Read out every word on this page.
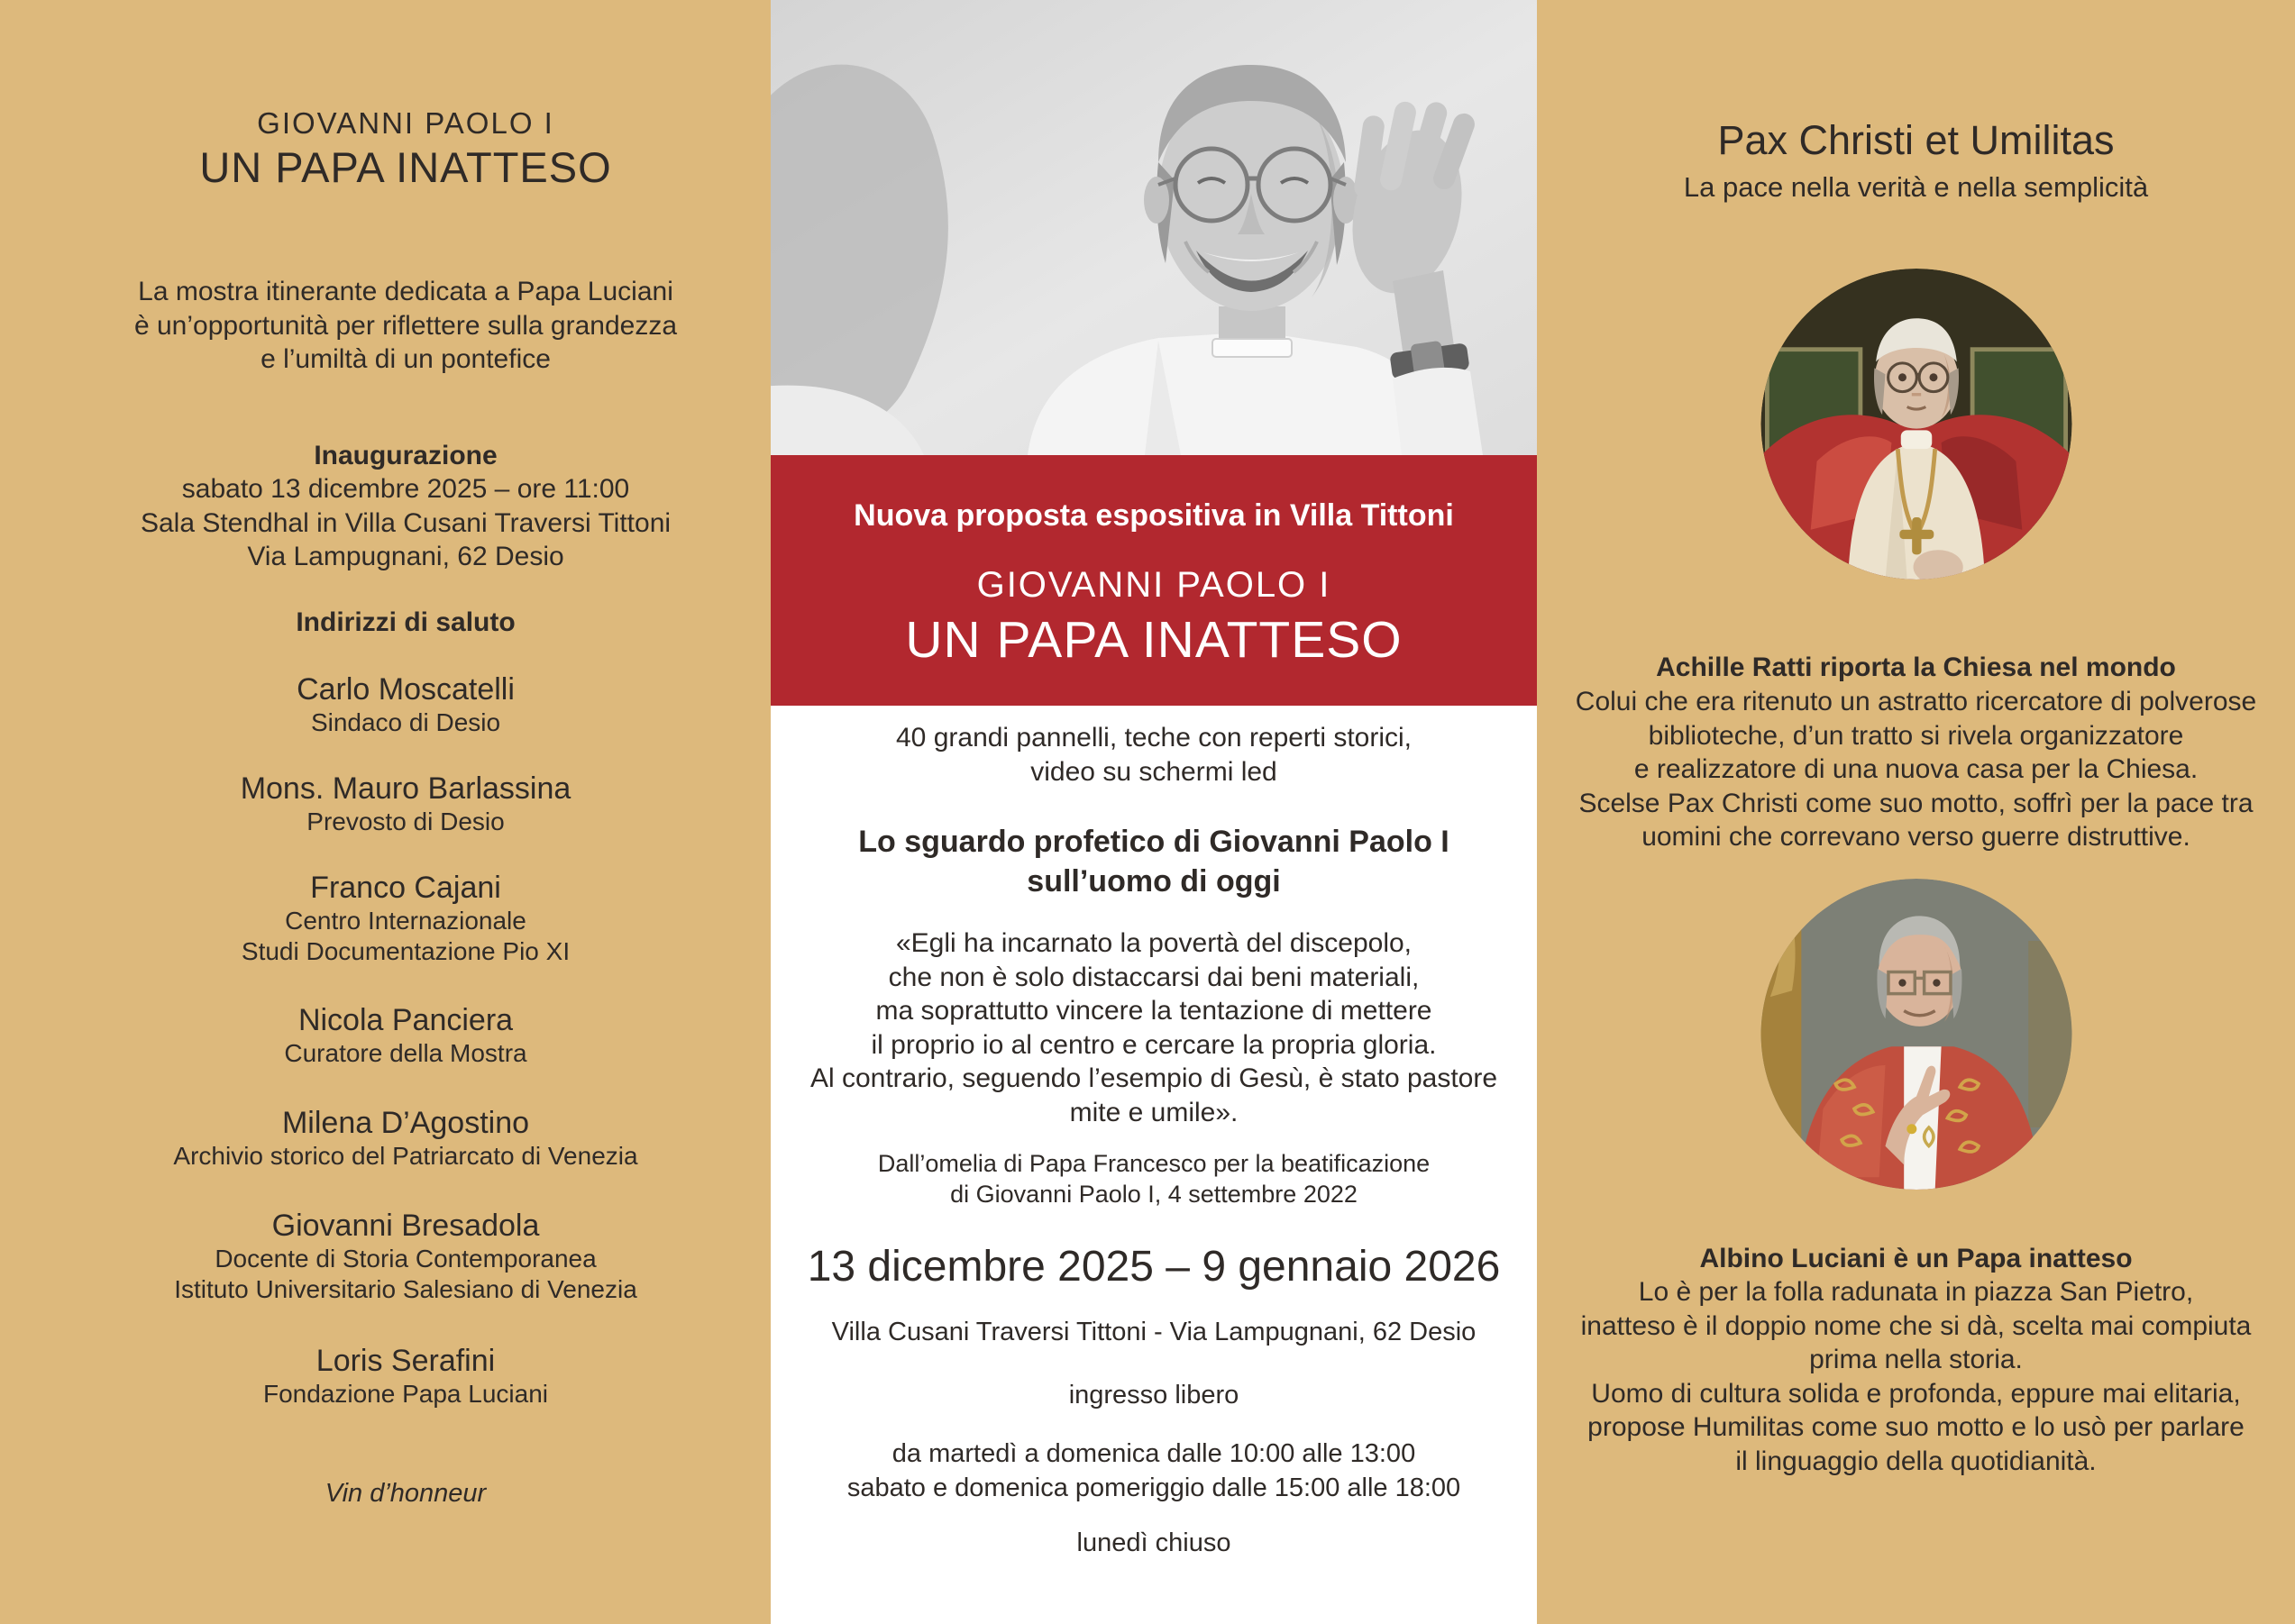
GIOVANNI PAOLO I
UN PAPA INATTESO
La mostra itinerante dedicata a Papa Luciani
è un’opportunità per riflettere sulla grandezza
e l’umiltà di un pontefice
Inaugurazione
sabato 13 dicembre 2025 – ore 11:00
Sala Stendhal in Villa Cusani Traversi Tittoni
Via Lampugnani, 62 Desio
Indirizzi di saluto
Carlo Moscatelli
Sindaco di Desio
Mons. Mauro Barlassina
Prevosto di Desio
Franco Cajani
Centro Internazionale
Studi Documentazione Pio XI
Nicola Panciera
Curatore della Mostra
Milena D’Agostino
Archivio storico del Patriarcato di Venezia
Giovanni Bresadola
Docente di Storia Contemporanea
Istituto Universitario Salesiano di Venezia
Loris Serafini
Fondazione Papa Luciani
Vin d’honneur
Nuova proposta espositiva in Villa Tittoni
GIOVANNI PAOLO I
UN PAPA INATTESO
40 grandi pannelli, teche con reperti storici,
video su schermi led
Lo sguardo profetico di Giovanni Paolo I
sull’uomo di oggi
«Egli ha incarnato la povertà del discepolo,
che non è solo distaccarsi dai beni materiali,
ma soprattutto vincere la tentazione di mettere
il proprio io al centro e cercare la propria gloria.
Al contrario, seguendo l’esempio di Gesù, è stato pastore
mite e umile».
Dall’omelia di Papa Francesco per la beatificazione
di Giovanni Paolo I, 4 settembre 2022
13 dicembre 2025 – 9 gennaio 2026
Villa Cusani Traversi Tittoni - Via Lampugnani, 62 Desio
ingresso libero
da martedì a domenica dalle 10:00 alle 13:00
sabato e domenica pomeriggio dalle 15:00 alle 18:00
lunedì chiuso
Pax Christi et Umilitas
La pace nella verità e nella semplicità
Achille Ratti riporta la Chiesa nel mondo
Colui che era ritenuto un astratto ricercatore di polverose
biblioteche, d’un tratto si rivela organizzatore
e realizzatore di una nuova casa per la Chiesa.
Scelse Pax Christi come suo motto, soffrì per la pace tra
uomini che correvano verso guerre distruttive.
Albino Luciani è un Papa inatteso
Lo è per la folla radunata in piazza San Pietro,
inatteso è il doppio nome che si dà, scelta mai compiuta
prima nella storia.
Uomo di cultura solida e profonda, eppure mai elitaria,
propose Humilitas come suo motto e lo usò per parlare
il linguaggio della quotidianità.
